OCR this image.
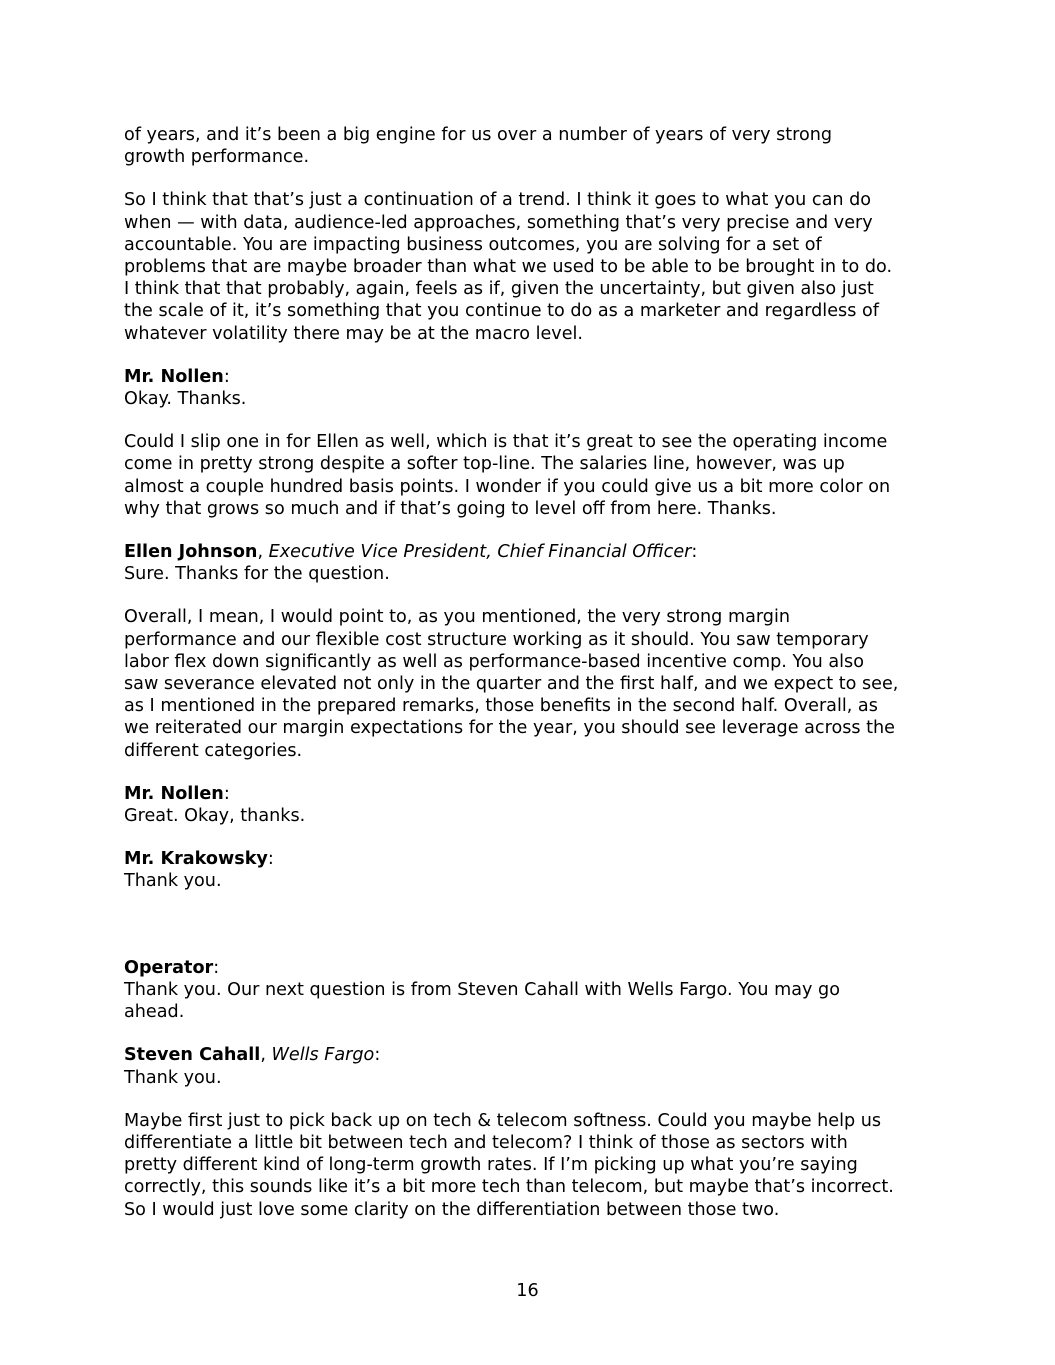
of years, and it’s been a big engine for us over a number of years of very strong
growth performance.
So I think that that’s just a continuation of a trend. I think it goes to what you can do
when — with data, audience-led approaches, something that’s very precise and very
accountable. You are impacting business outcomes, you are solving for a set of
problems that are maybe broader than what we used to be able to be brought in to do.
I think that that probably, again, feels as if, given the uncertainty, but given also just
the scale of it, it’s something that you continue to do as a marketer and regardless of
whatever volatility there may be at the macro level.
Mr. Nollen:
Okay. Thanks.
Could I slip one in for Ellen as well, which is that it’s great to see the operating income
come in pretty strong despite a softer top-line. The salaries line, however, was up
almost a couple hundred basis points. I wonder if you could give us a bit more color on
why that grows so much and if that’s going to level off from here. Thanks.
Ellen Johnson, Executive Vice President, Chief Financial Officer:
Sure. Thanks for the question.
Overall, I mean, I would point to, as you mentioned, the very strong margin
performance and our flexible cost structure working as it should. You saw temporary
labor flex down significantly as well as performance-based incentive comp. You also
saw severance elevated not only in the quarter and the first half, and we expect to see,
as I mentioned in the prepared remarks, those benefits in the second half. Overall, as
we reiterated our margin expectations for the year, you should see leverage across the
different categories.
Mr. Nollen:
Great. Okay, thanks.
Mr. Krakowsky:
Thank you.
Operator:
Thank you. Our next question is from Steven Cahall with Wells Fargo. You may go
ahead.
Steven Cahall, Wells Fargo:
Thank you.
Maybe first just to pick back up on tech & telecom softness. Could you maybe help us
differentiate a little bit between tech and telecom? I think of those as sectors with
pretty different kind of long-term growth rates. If I’m picking up what you’re saying
correctly, this sounds like it’s a bit more tech than telecom, but maybe that’s incorrect.
So I would just love some clarity on the differentiation between those two.
16
